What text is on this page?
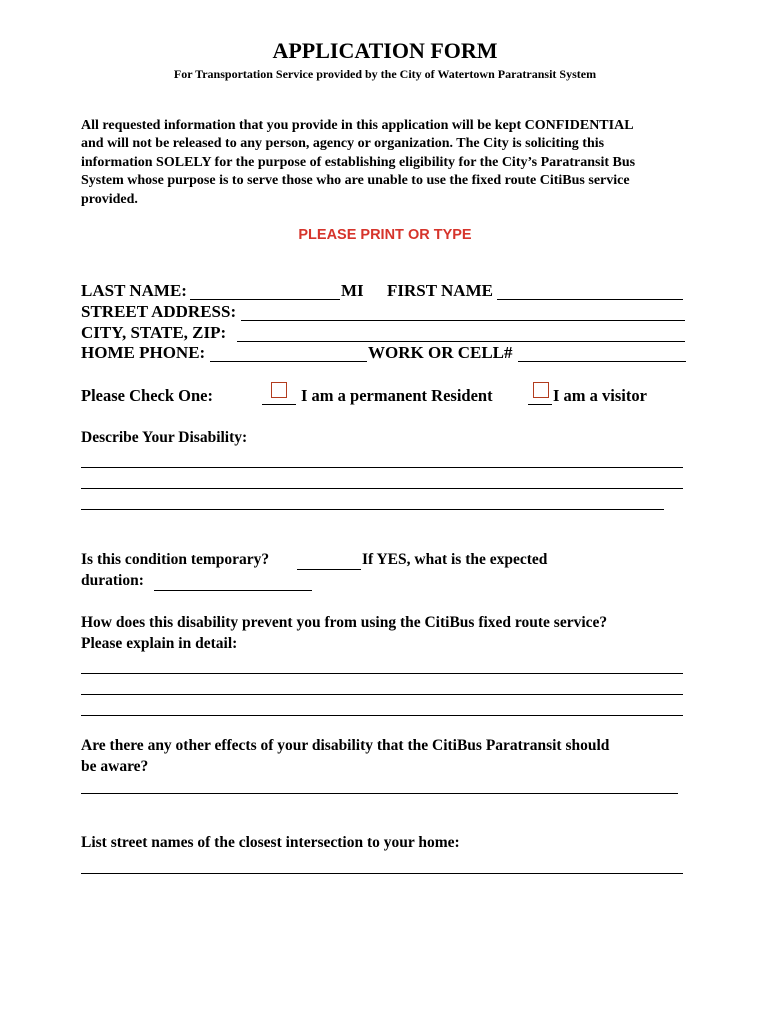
APPLICATION FORM
For Transportation Service provided by the City of Watertown Paratransit System
All requested information that you provide in this application will be kept CONFIDENTIAL
and will not be released to any person, agency or organization. The City is soliciting this
information SOLELY for the purpose of establishing eligibility for the City’s Paratransit Bus
System whose purpose is to serve those who are unable to use the fixed route CitiBus service
provided.
PLEASE PRINT OR TYPE
LAST NAME:	MI FIRST NAME
STREET ADDRESS:
CITY, STATE, ZIP:
HOME PHONE:	WORK OR CELL#
Please Check One:	I am a permanent Resident	I am a visitor
Describe Your Disability:
Is this condition temporary?	If YES, what is the expected
duration:
How does this disability prevent you from using the CitiBus fixed route service?
Please explain in detail:
Are there any other effects of your disability that the CitiBus Paratransit should
be aware?
List street names of the closest intersection to your home:
